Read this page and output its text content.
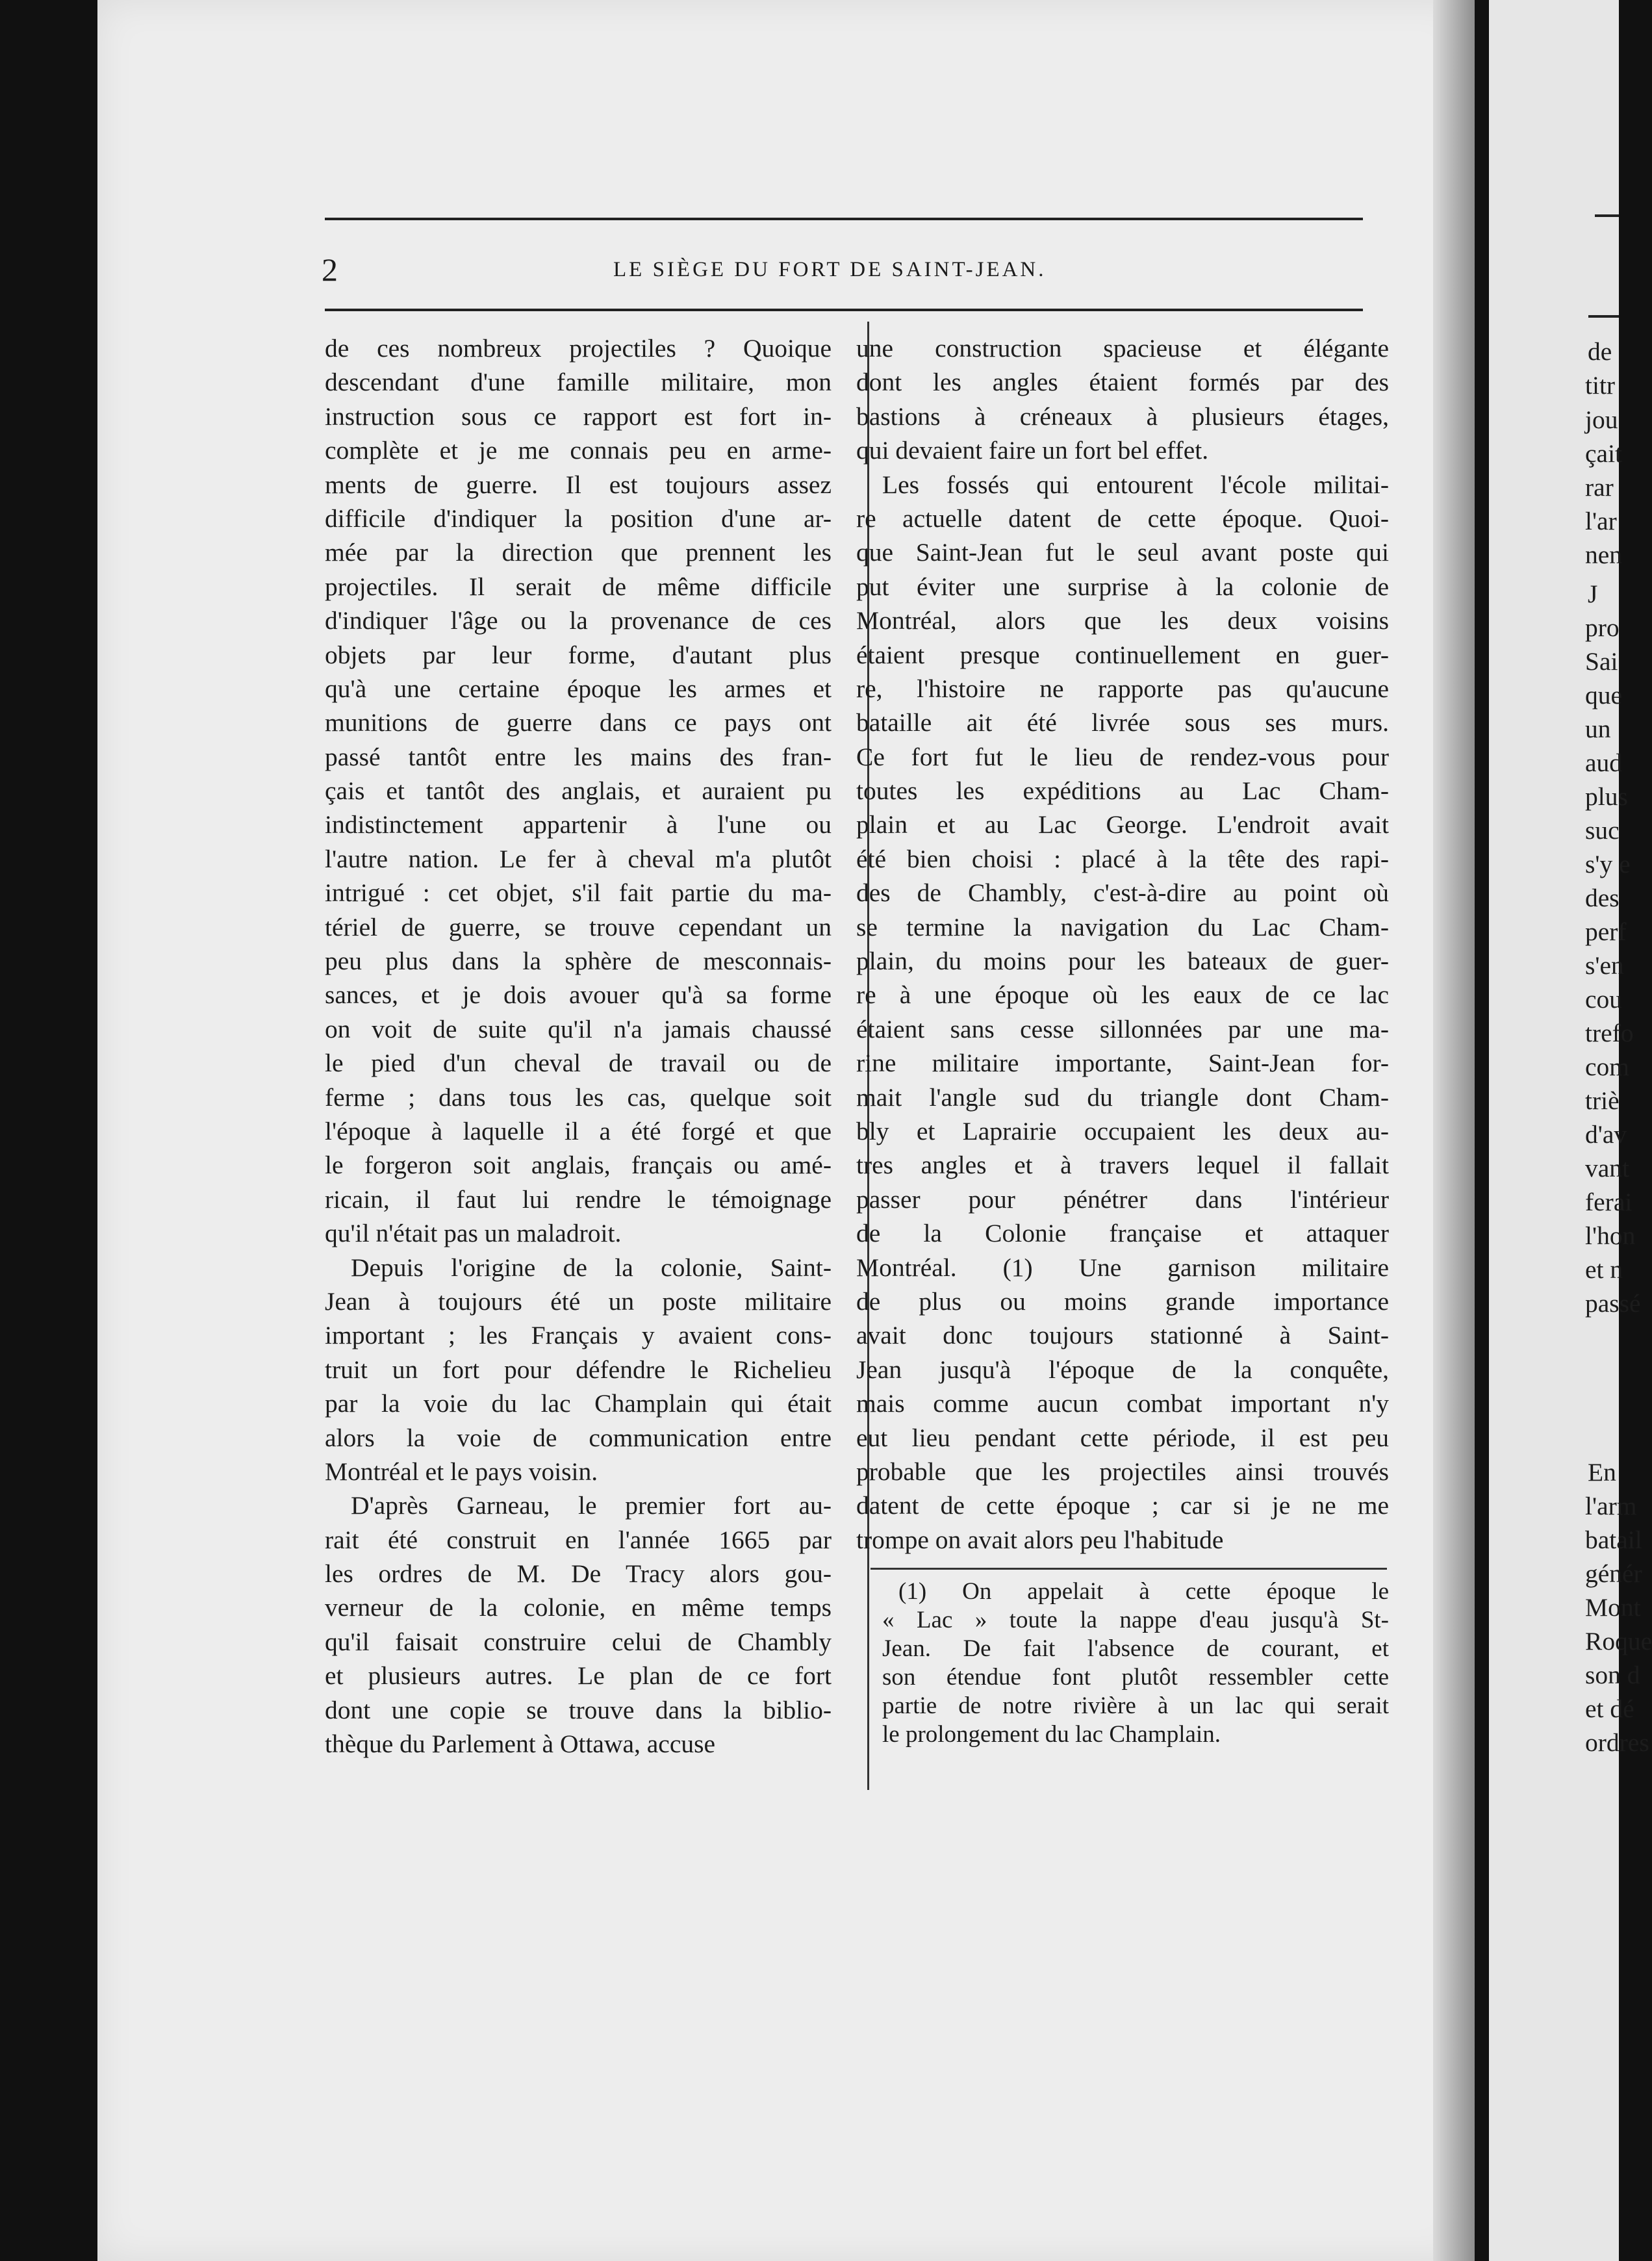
2	LE SIÈGE DU FORT DE SAINT-JEAN.
de ces nombreux projectiles ? Quoique
descendant d'une famille militaire, mon
instruction sous ce rapport est fort in-
complète et je me connais peu en arme-
ments de guerre. Il est toujours assez
difficile d'indiquer la position d'une ar-
mée par la direction que prennent les
projectiles. Il serait de même difficile
d'indiquer l'âge ou la provenance de ces
objets par leur forme, d'autant plus
qu'à une certaine époque les armes et
munitions de guerre dans ce pays ont
passé tantôt entre les mains des fran-
çais et tantôt des anglais, et auraient pu
indistinctement appartenir à l'une ou
l'autre nation. Le fer à cheval m'a plutôt
intrigué : cet objet, s'il fait partie du ma-
tériel de guerre, se trouve cependant un
peu plus dans la sphère de mesconnais-
sances, et je dois avouer qu'à sa forme
on voit de suite qu'il n'a jamais chaussé
le pied d'un cheval de travail ou de
ferme ; dans tous les cas, quelque soit
l'époque à laquelle il a été forgé et que
le forgeron soit anglais, français ou amé-
ricain, il faut lui rendre le témoignage
qu'il n'était pas un maladroit.
Depuis l'origine de la colonie, Saint-
Jean à toujours été un poste militaire
important ; les Français y avaient cons-
truit un fort pour défendre le Richelieu
par la voie du lac Champlain qui était
alors la voie de communication entre
Montréal et le pays voisin.
D'après Garneau, le premier fort au-
rait été construit en l'année 1665 par
les ordres de M. De Tracy alors gou-
verneur de la colonie, en même temps
qu'il faisait construire celui de Chambly
et plusieurs autres. Le plan de ce fort
dont une copie se trouve dans la biblio-
thèque du Parlement à Ottawa, accuse
une construction spacieuse et élégante
dont les angles étaient formés par des
bastions à créneaux à plusieurs étages,
qui devaient faire un fort bel effet.
Les fossés qui entourent l'école militai-
re actuelle datent de cette époque. Quoi-
que Saint-Jean fut le seul avant poste qui
put éviter une surprise à la colonie de
Montréal, alors que les deux voisins
étaient presque continuellement en guer-
re, l'histoire ne rapporte pas qu'aucune
bataille ait été livrée sous ses murs.
Ce fort fut le lieu de rendez-vous pour
toutes les expéditions au Lac Cham-
plain et au Lac George. L'endroit avait
été bien choisi : placé à la tête des rapi-
des de Chambly, c'est-à-dire au point où
se termine la navigation du Lac Cham-
plain, du moins pour les bateaux de guer-
re à une époque où les eaux de ce lac
étaient sans cesse sillonnées par une ma-
rine militaire importante, Saint-Jean for-
mait l'angle sud du triangle dont Cham-
bly et Laprairie occupaient les deux au-
tres angles et à travers lequel il fallait
passer pour pénétrer dans l'intérieur
de la Colonie française et attaquer
Montréal. (1) Une garnison militaire
de plus ou moins grande importance
avait donc toujours stationné à Saint-
Jean jusqu'à l'époque de la conquête,
mais comme aucun combat important n'y
eut lieu pendant cette période, il est peu
probable que les projectiles ainsi trouvés
datent de cette époque ; car si je ne me
trompe on avait alors peu l'habitude
(1) On appelait à cette époque le
« Lac » toute la nappe d'eau jusqu'à St-
Jean. De fait l'absence de courant, et
son étendue font plutôt ressembler cette
partie de notre rivière à un lac qui serait
le prolongement du lac Champlain.
de
titr
jou
çait
rar
l'ar
nen
J
pro
Sai
que
un
aud
plus
suc
s'y e
des
perf
s'en
cou
trefo
com
triè
d'av
vant
ferai
l'hon
et n
passé
En
l'arm
batail
génér
Mont
Roque
son d
et dé
ordres
